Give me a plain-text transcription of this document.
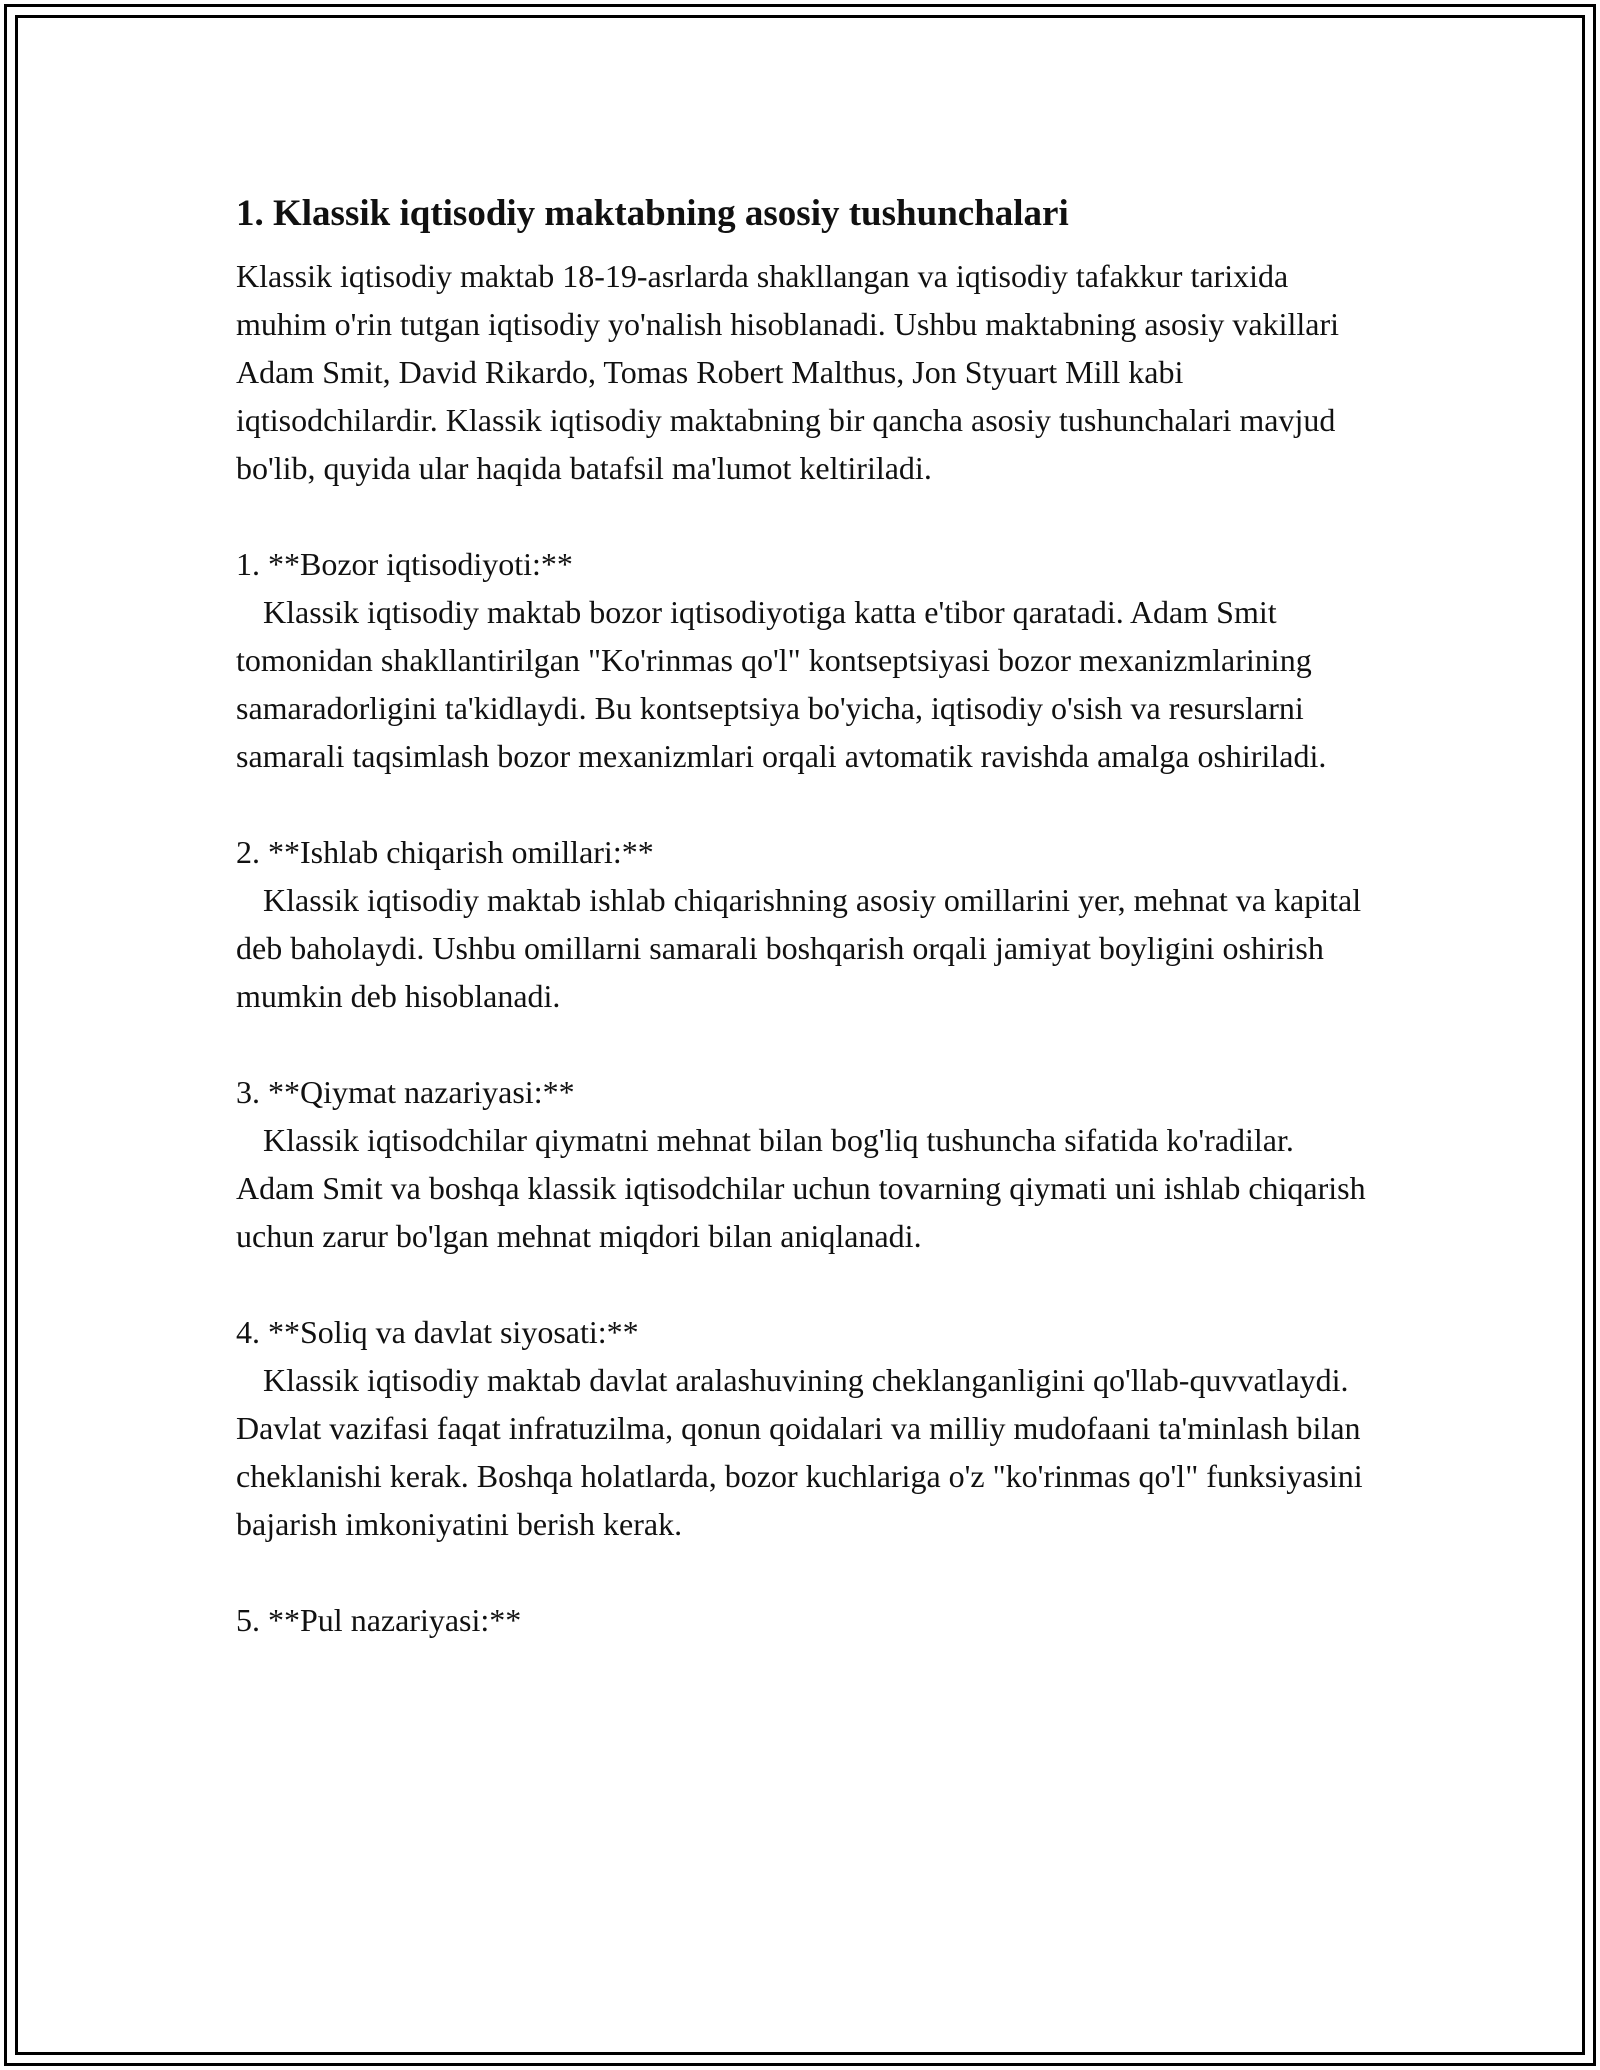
1. Klassik iqtisodiy maktabning asosiy tushunchalari

Klassik iqtisodiy maktab 18-19-asrlarda shakllangan va iqtisodiy tafakkur tarixida muhim o'rin tutgan iqtisodiy yo'nalish hisoblanadi. Ushbu maktabning asosiy vakillari Adam Smit, David Rikardo, Tomas Robert Malthus, Jon Styuart Mill kabi iqtisodchilardir. Klassik iqtisodiy maktabning bir qancha asosiy tushunchalari mavjud bo'lib, quyida ular haqida batafsil ma'lumot keltiriladi.

1. **Bozor iqtisodiyoti:**

Klassik iqtisodiy maktab bozor iqtisodiyotiga katta e'tibor qaratadi. Adam Smit tomonidan shakllantirilgan "Ko'rinmas qo'l" kontseptsiyasi bozor mexanizmlarining samaradorligini ta'kidlaydi. Bu kontseptsiya bo'yicha, iqtisodiy o'sish va resurslarni samarali taqsimlash bozor mexanizmlari orqali avtomatik ravishda amalga oshiriladi.

2. **Ishlab chiqarish omillari:**

Klassik iqtisodiy maktab ishlab chiqarishning asosiy omillarini yer, mehnat va kapital deb baholaydi. Ushbu omillarni samarali boshqarish orqali jamiyat boyligini oshirish mumkin deb hisoblanadi.

3. **Qiymat nazariyasi:**

Klassik iqtisodchilar qiymatni mehnat bilan bog'liq tushuncha sifatida ko'radilar. Adam Smit va boshqa klassik iqtisodchilar uchun tovarning qiymati uni ishlab chiqarish uchun zarur bo'lgan mehnat miqdori bilan aniqlanadi.

4. **Soliq va davlat siyosati:**

Klassik iqtisodiy maktab davlat aralashuvining cheklanganligini qo'llab-quvvatlaydi. Davlat vazifasi faqat infratuzilma, qonun qoidalari va milliy mudofaani ta'minlash bilan cheklanishi kerak. Boshqa holatlarda, bozor kuchlariga o'z "ko'rinmas qo'l" funksiyasini bajarish imkoniyatini berish kerak.

5. **Pul nazariyasi:**
